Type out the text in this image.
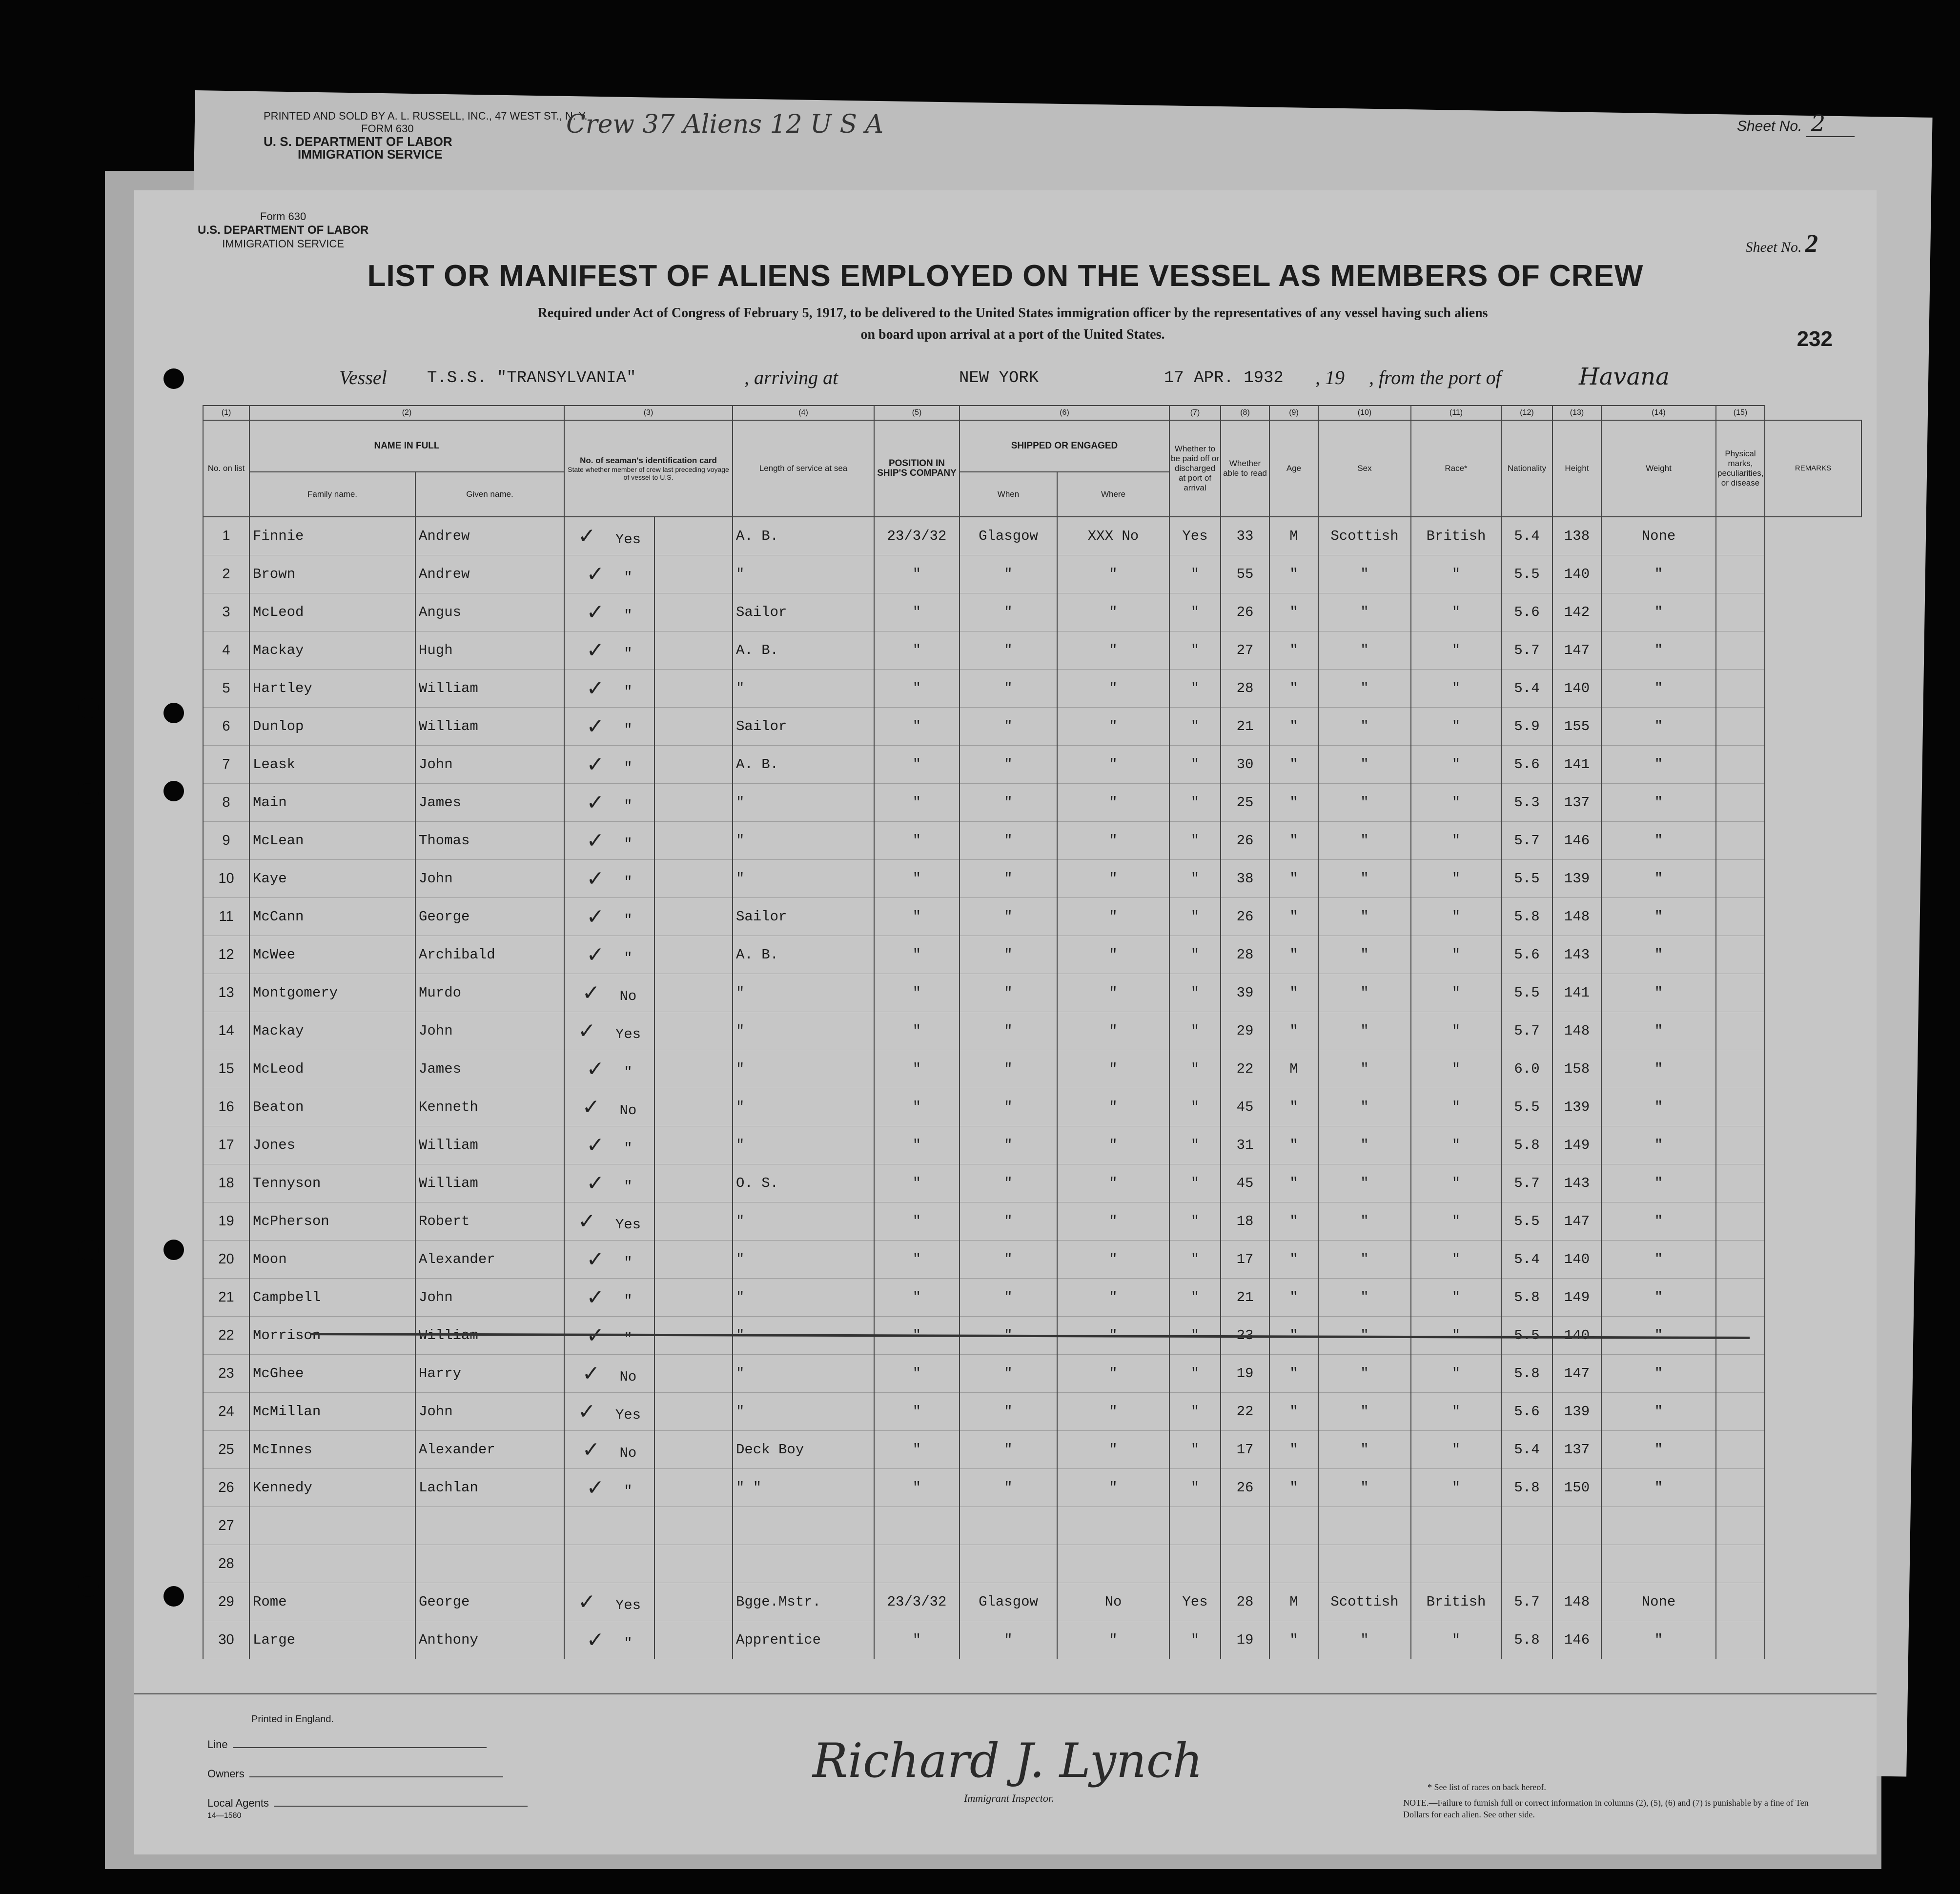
PRINTED AND SOLD BY A. L. RUSSELL, INC., 47 WEST ST., N. Y.
FORM 630
U. S. DEPARTMENT OF LABOR
IMMIGRATION SERVICE
Crew 37 Aliens 12 U S A	Sheet No. 2
Form 630
U.S. DEPARTMENT OF LABOR
IMMIGRATION SERVICE	Sheet No. 2
LIST OR MANIFEST OF ALIENS EMPLOYED ON THE VESSEL AS MEMBERS OF CREW
Required under Act of Congress of February 5, 1917, to be delivered to the United States immigration officer by the representatives of any vessel having such aliens
on board upon arrival at a port of the United States.	232
Vessel T.S.S. "TRANSYLVANIA"	, arriving at	NEW YORK	17 APR. 1932 , 19 , from the port of	Havana
(1)	(2)		(3)		(4)	(5)	(6)		(7)	(8)	(9)	(10)	(11)	(12)	(13)	(14)	(15)	
No. on list	NAME IN FULL		No. of seaman's identification card
State whether member of crew last preceding voyage of vessel to U.S.		Length of service at sea	POSITION IN SHIP'S COMPANY	SHIPPED OR ENGAGED		Whether to be paid off or discharged at port of arrival	Whether able to read	Age	Sex	Race*	Nationality	Height	Weight	Physical marks, peculiarities, or disease	REMARKS
	Family name.	Given name.					When	Where										
1	Finnie	Andrew	✓ Yes		A. B.	23/3/32	Glasgow	XXX No	Yes	33	M	Scottish	British	5.4	138	None		
2	Brown	Andrew	✓ "		"	"	"	"	"	55	"	"	"	5.5	140	"		
3	McLeod	Angus	✓ "		Sailor	"	"	"	"	26	"	"	"	5.6	142	"		
4	Mackay	Hugh	✓ "		A. B.	"	"	"	"	27	"	"	"	5.7	147	"		
5	Hartley	William	✓ "		"	"	"	"	"	28	"	"	"	5.4	140	"		
6	Dunlop	William	✓ "		Sailor	"	"	"	"	21	"	"	"	5.9	155	"		
7	Leask	John	✓ "		A. B.	"	"	"	"	30	"	"	"	5.6	141	"		
8	Main	James	✓ "		"	"	"	"	"	25	"	"	"	5.3	137	"		
9	McLean	Thomas	✓ "		"	"	"	"	"	26	"	"	"	5.7	146	"		
10	Kaye	John	✓ "		"	"	"	"	"	38	"	"	"	5.5	139	"		
11	McCann	George	✓ "		Sailor	"	"	"	"	26	"	"	"	5.8	148	"		
12	McWee	Archibald	✓ "		A. B.	"	"	"	"	28	"	"	"	5.6	143	"		
13	Montgomery	Murdo	✓ No		"	"	"	"	"	39	"	"	"	5.5	141	"		
14	Mackay	John	✓ Yes		"	"	"	"	"	29	"	"	"	5.7	148	"		
15	McLeod	James	✓ "		"	"	"	"	"	22	M	"	"	6.0	158	"		
16	Beaton	Kenneth	✓ No		"	"	"	"	"	45	"	"	"	5.5	139	"		
17	Jones	William	✓ "		"	"	"	"	"	31	"	"	"	5.8	149	"		
18	Tennyson	William	✓ "		O. S.	"	"	"	"	45	"	"	"	5.7	143	"		
19	McPherson	Robert	✓ Yes		"	"	"	"	"	18	"	"	"	5.5	147	"		
20	Moon	Alexander	✓ "		"	"	"	"	"	17	"	"	"	5.4	140	"		
21	Campbell	John	✓ "		"	"	"	"	"	21	"	"	"	5.8	149	"		
22	Morrison	William	✓ "		"	"	"	"	"	23	"	"	"	5.5	140	"		
23	McGhee	Harry	✓ No		"	"	"	"	"	19	"	"	"	5.8	147	"		
24	McMillan	John	✓ Yes		"	"	"	"	"	22	"	"	"	5.6	139	"		
25	McInnes	Alexander	✓ No		Deck Boy	"	"	"	"	17	"	"	"	5.4	137	"		
26	Kennedy	Lachlan	✓ "		" "	"	"	"	"	26	"	"	"	5.8	150	"		
27																		
28																		
29	Rome	George	✓ Yes		Bgge.Mstr.	23/3/32	Glasgow	No	Yes	28	M	Scottish	British	5.7	148	None		
30	Large	Anthony	✓ "		Apprentice	"	"	"	"	19	"	"	"	5.8	146	"		
Printed in England.
Line
Owners
Local Agents
14—1580
Richard J. Lynch
Immigrant Inspector.
* See list of races on back hereof.
NOTE.—Failure to furnish full or correct information in columns (2), (5), (6) and (7) is punishable by a fine of Ten Dollars for each alien. See other side.
